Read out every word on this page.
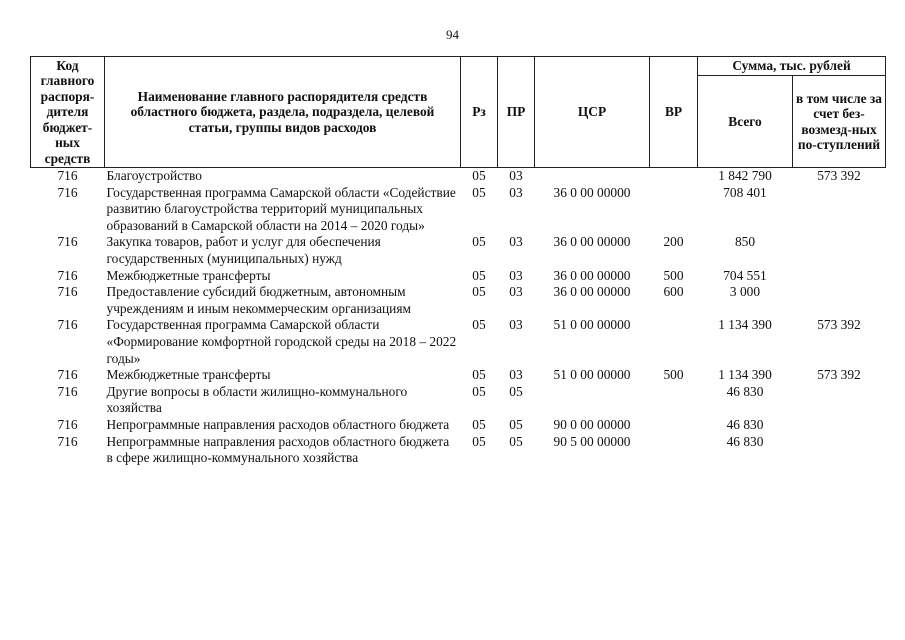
94
Код главного распоря-дителя бюджет-ных средств	Наименование главного распорядителя средств областного бюджета, раздела, подраздела, целевой статьи, группы видов расходов	Рз	ПР	ЦСР	ВР	Сумма, тыс. рублей	
						Всего	в том числе за счет без-возмезд-ных по-ступлений
716	Благоустройство	05	03			1 842 790	573 392
716	Государственная программа Самарской области «Содействие развитию благоустройства территорий муниципальных образований в Самарской области на 2014 – 2020 годы»	05	03	36 0 00 00000		708 401	
716	Закупка товаров, работ и услуг для обеспечения государственных (муниципальных) нужд	05	03	36 0 00 00000	200	850	
716	Межбюджетные трансферты	05	03	36 0 00 00000	500	704 551	
716	Предоставление субсидий бюджетным, автономным учреждениям и иным некоммерческим организациям	05	03	36 0 00 00000	600	3 000	
716	Государственная программа Самарской области «Формирование комфортной городской среды на 2018 – 2022 годы»	05	03	51 0 00 00000		1 134 390	573 392
716	Межбюджетные трансферты	05	03	51 0 00 00000	500	1 134 390	573 392
716	Другие вопросы в области жилищно-коммунального хозяйства	05	05			46 830	
716	Непрограммные направления расходов областного бюджета	05	05	90 0 00 00000		46 830	
716	Непрограммные направления расходов областного бюджета в сфере жилищно-коммунального хозяйства	05	05	90 5 00 00000		46 830	
